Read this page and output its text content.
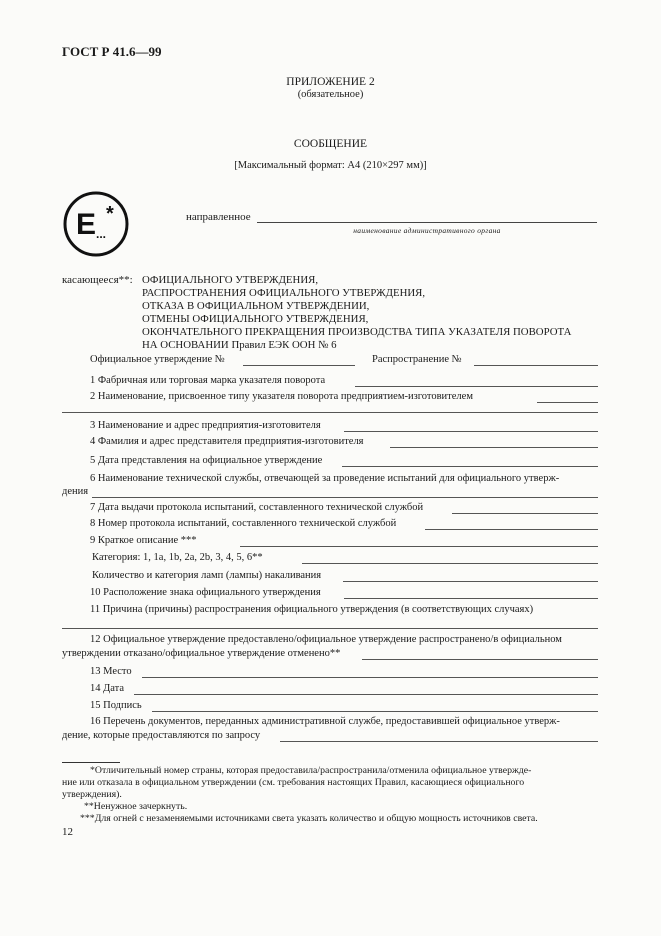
ГОСТ Р 41.6—99
ПРИЛОЖЕНИЕ 2
(обязательное)
СООБЩЕНИЕ
[Максимальный формат: А4 (210×297 мм)]
E ...
*	направленное
наименование административного органа
касающееся**: ОФИЦИАЛЬНОГО УТВЕРЖДЕНИЯ,
РАСПРОСТРАНЕНИЯ ОФИЦИАЛЬНОГО УТВЕРЖДЕНИЯ,
ОТКАЗА В ОФИЦИАЛЬНОМ УТВЕРЖДЕНИИ,
ОТМЕНЫ ОФИЦИАЛЬНОГО УТВЕРЖДЕНИЯ,
ОКОНЧАТЕЛЬНОГО ПРЕКРАЩЕНИЯ ПРОИЗВОДСТВА ТИПА УКАЗАТЕЛЯ ПОВОРОТА
НА ОСНОВАНИИ Правил ЕЭК ООН № 6
Официальное утверждение №	Распространение №
1 Фабричная или торговая марка указателя поворота
2 Наименование, присвоенное типу указателя поворота предприятием-изготовителем
3 Наименование и адрес предприятия-изготовителя
4 Фамилия и адрес представителя предприятия-изготовителя
5 Дата представления на официальное утверждение
6 Наименование технической службы, отвечающей за проведение испытаний для официального утверж-
дения
7 Дата выдачи протокола испытаний, составленного технической службой
8 Номер протокола испытаний, составленного технической службой
9 Краткое описание ***
Категория: 1, 1a, 1b, 2a, 2b, 3, 4, 5, 6**
Количество и категория ламп (лампы) накаливания
10 Расположение знака официального утверждения
11 Причина (причины) распространения официального утверждения (в соответствующих случаях)
12 Официальное утверждение предоставлено/официальное утверждение распространено/в официальном
утверждении отказано/официальное утверждение отменено**
13 Место
14 Дата
15 Подпись
16 Перечень документов, переданных административной службе, предоставившей официальное утверж-
дение, которые предоставляются по запросу
*Отличительный номер страны, которая предоставила/распространила/отменила официальное утвержде-
ние или отказала в официальном утверждении (см. требования настоящих Правил, касающиеся официального
утверждения).
**Ненужное зачеркнуть.
***Для огней с незаменяемыми источниками света указать количество и общую мощность источников света.
12
